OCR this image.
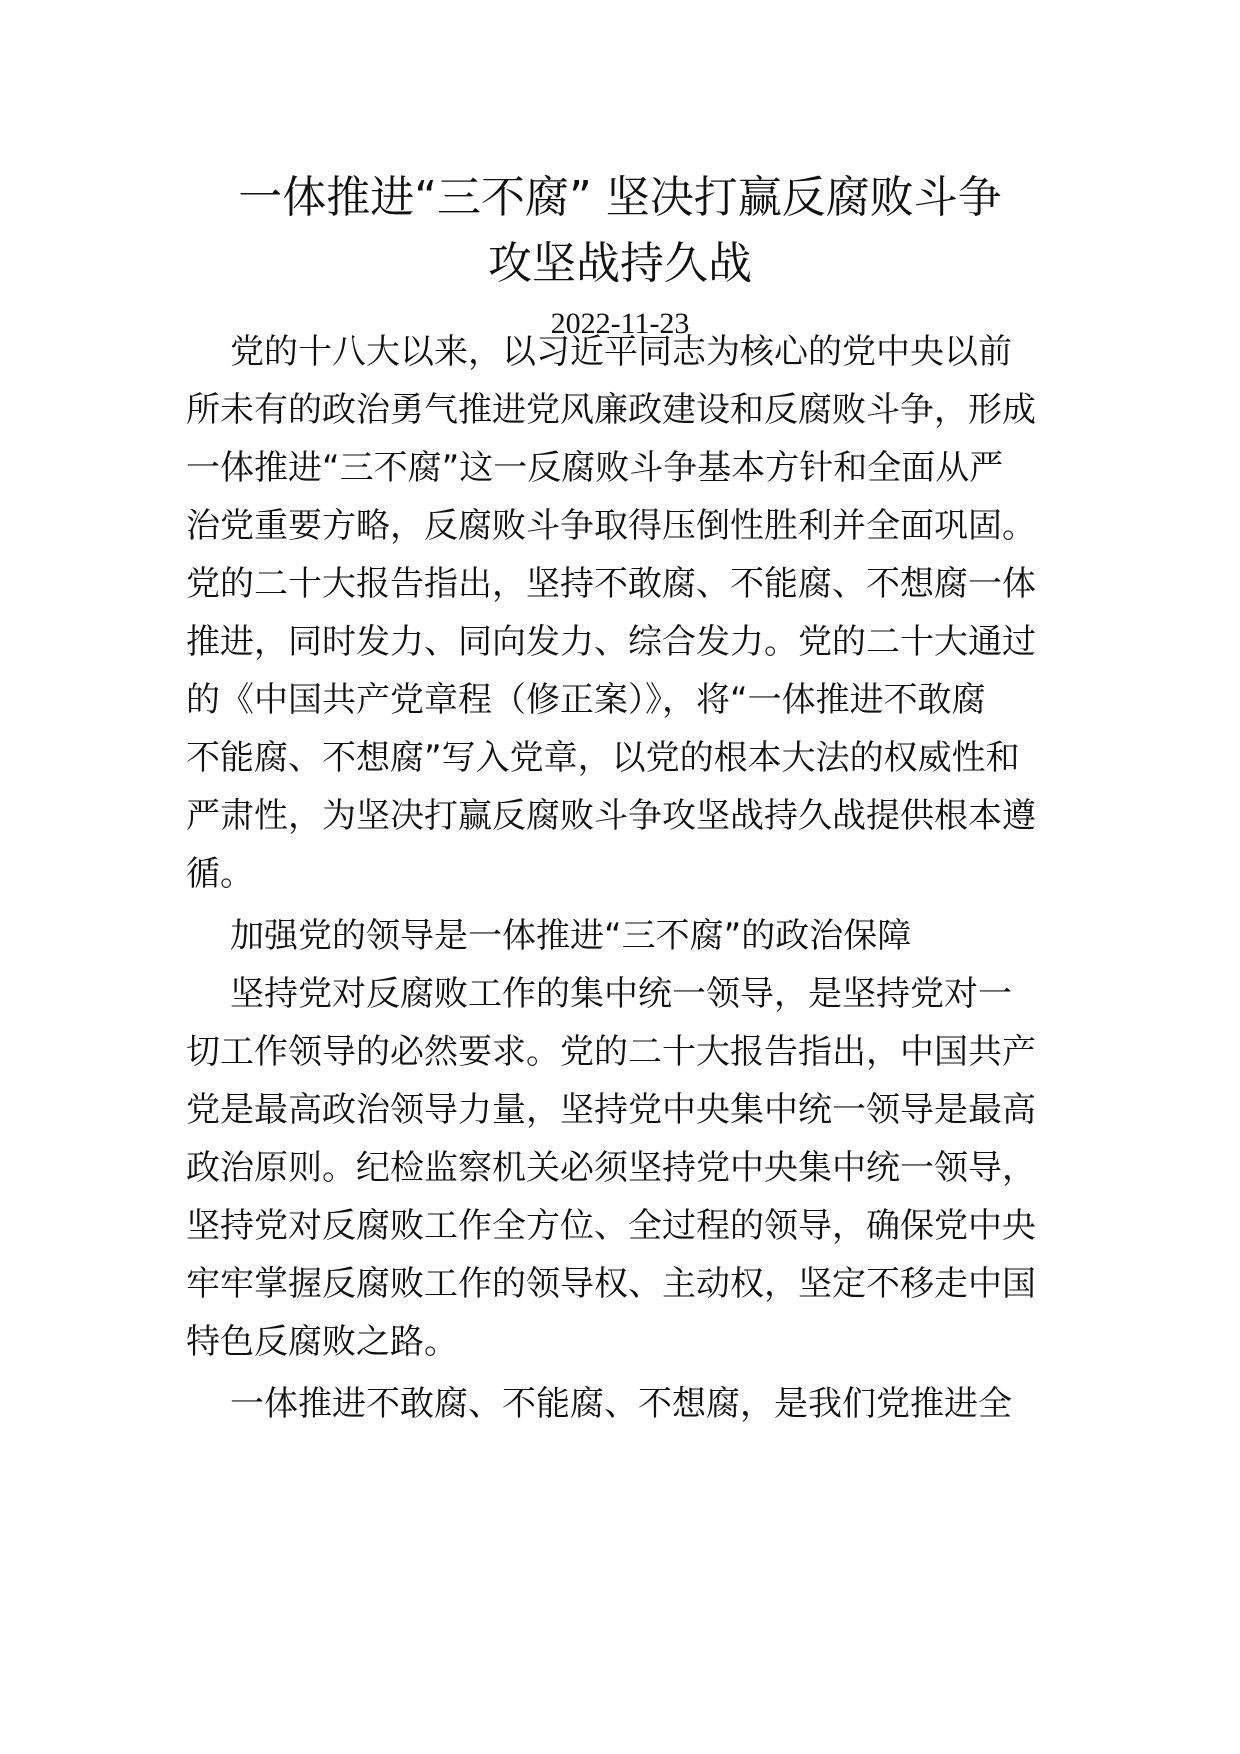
一体推进“三不腐” 坚决打赢反腐败斗争
攻坚战持久战
2022-11-23
党的十八大以来，以习近平同志为核心的党中央以前
所未有的政治勇气推进党风廉政建设和反腐败斗争，形成
一体推进“三不腐”这一反腐败斗争基本方针和全面从严
治党重要方略，反腐败斗争取得压倒性胜利并全面巩固。
党的二十大报告指出，坚持不敢腐、不能腐、不想腐一体
推进，同时发力、同向发力、综合发力。党的二十大通过
的《中国共产党章程（修正案）》，将“一体推进不敢腐
不能腐、不想腐”写入党章，以党的根本大法的权威性和
严肃性，为坚决打赢反腐败斗争攻坚战持久战提供根本遵
循。
加强党的领导是一体推进“三不腐”的政治保障
坚持党对反腐败工作的集中统一领导，是坚持党对一
切工作领导的必然要求。党的二十大报告指出，中国共产
党是最高政治领导力量，坚持党中央集中统一领导是最高
政治原则。纪检监察机关必须坚持党中央集中统一领导，
坚持党对反腐败工作全方位、全过程的领导，确保党中央
牢牢掌握反腐败工作的领导权、主动权，坚定不移走中国
特色反腐败之路。
一体推进不敢腐、不能腐、不想腐，是我们党推进全
